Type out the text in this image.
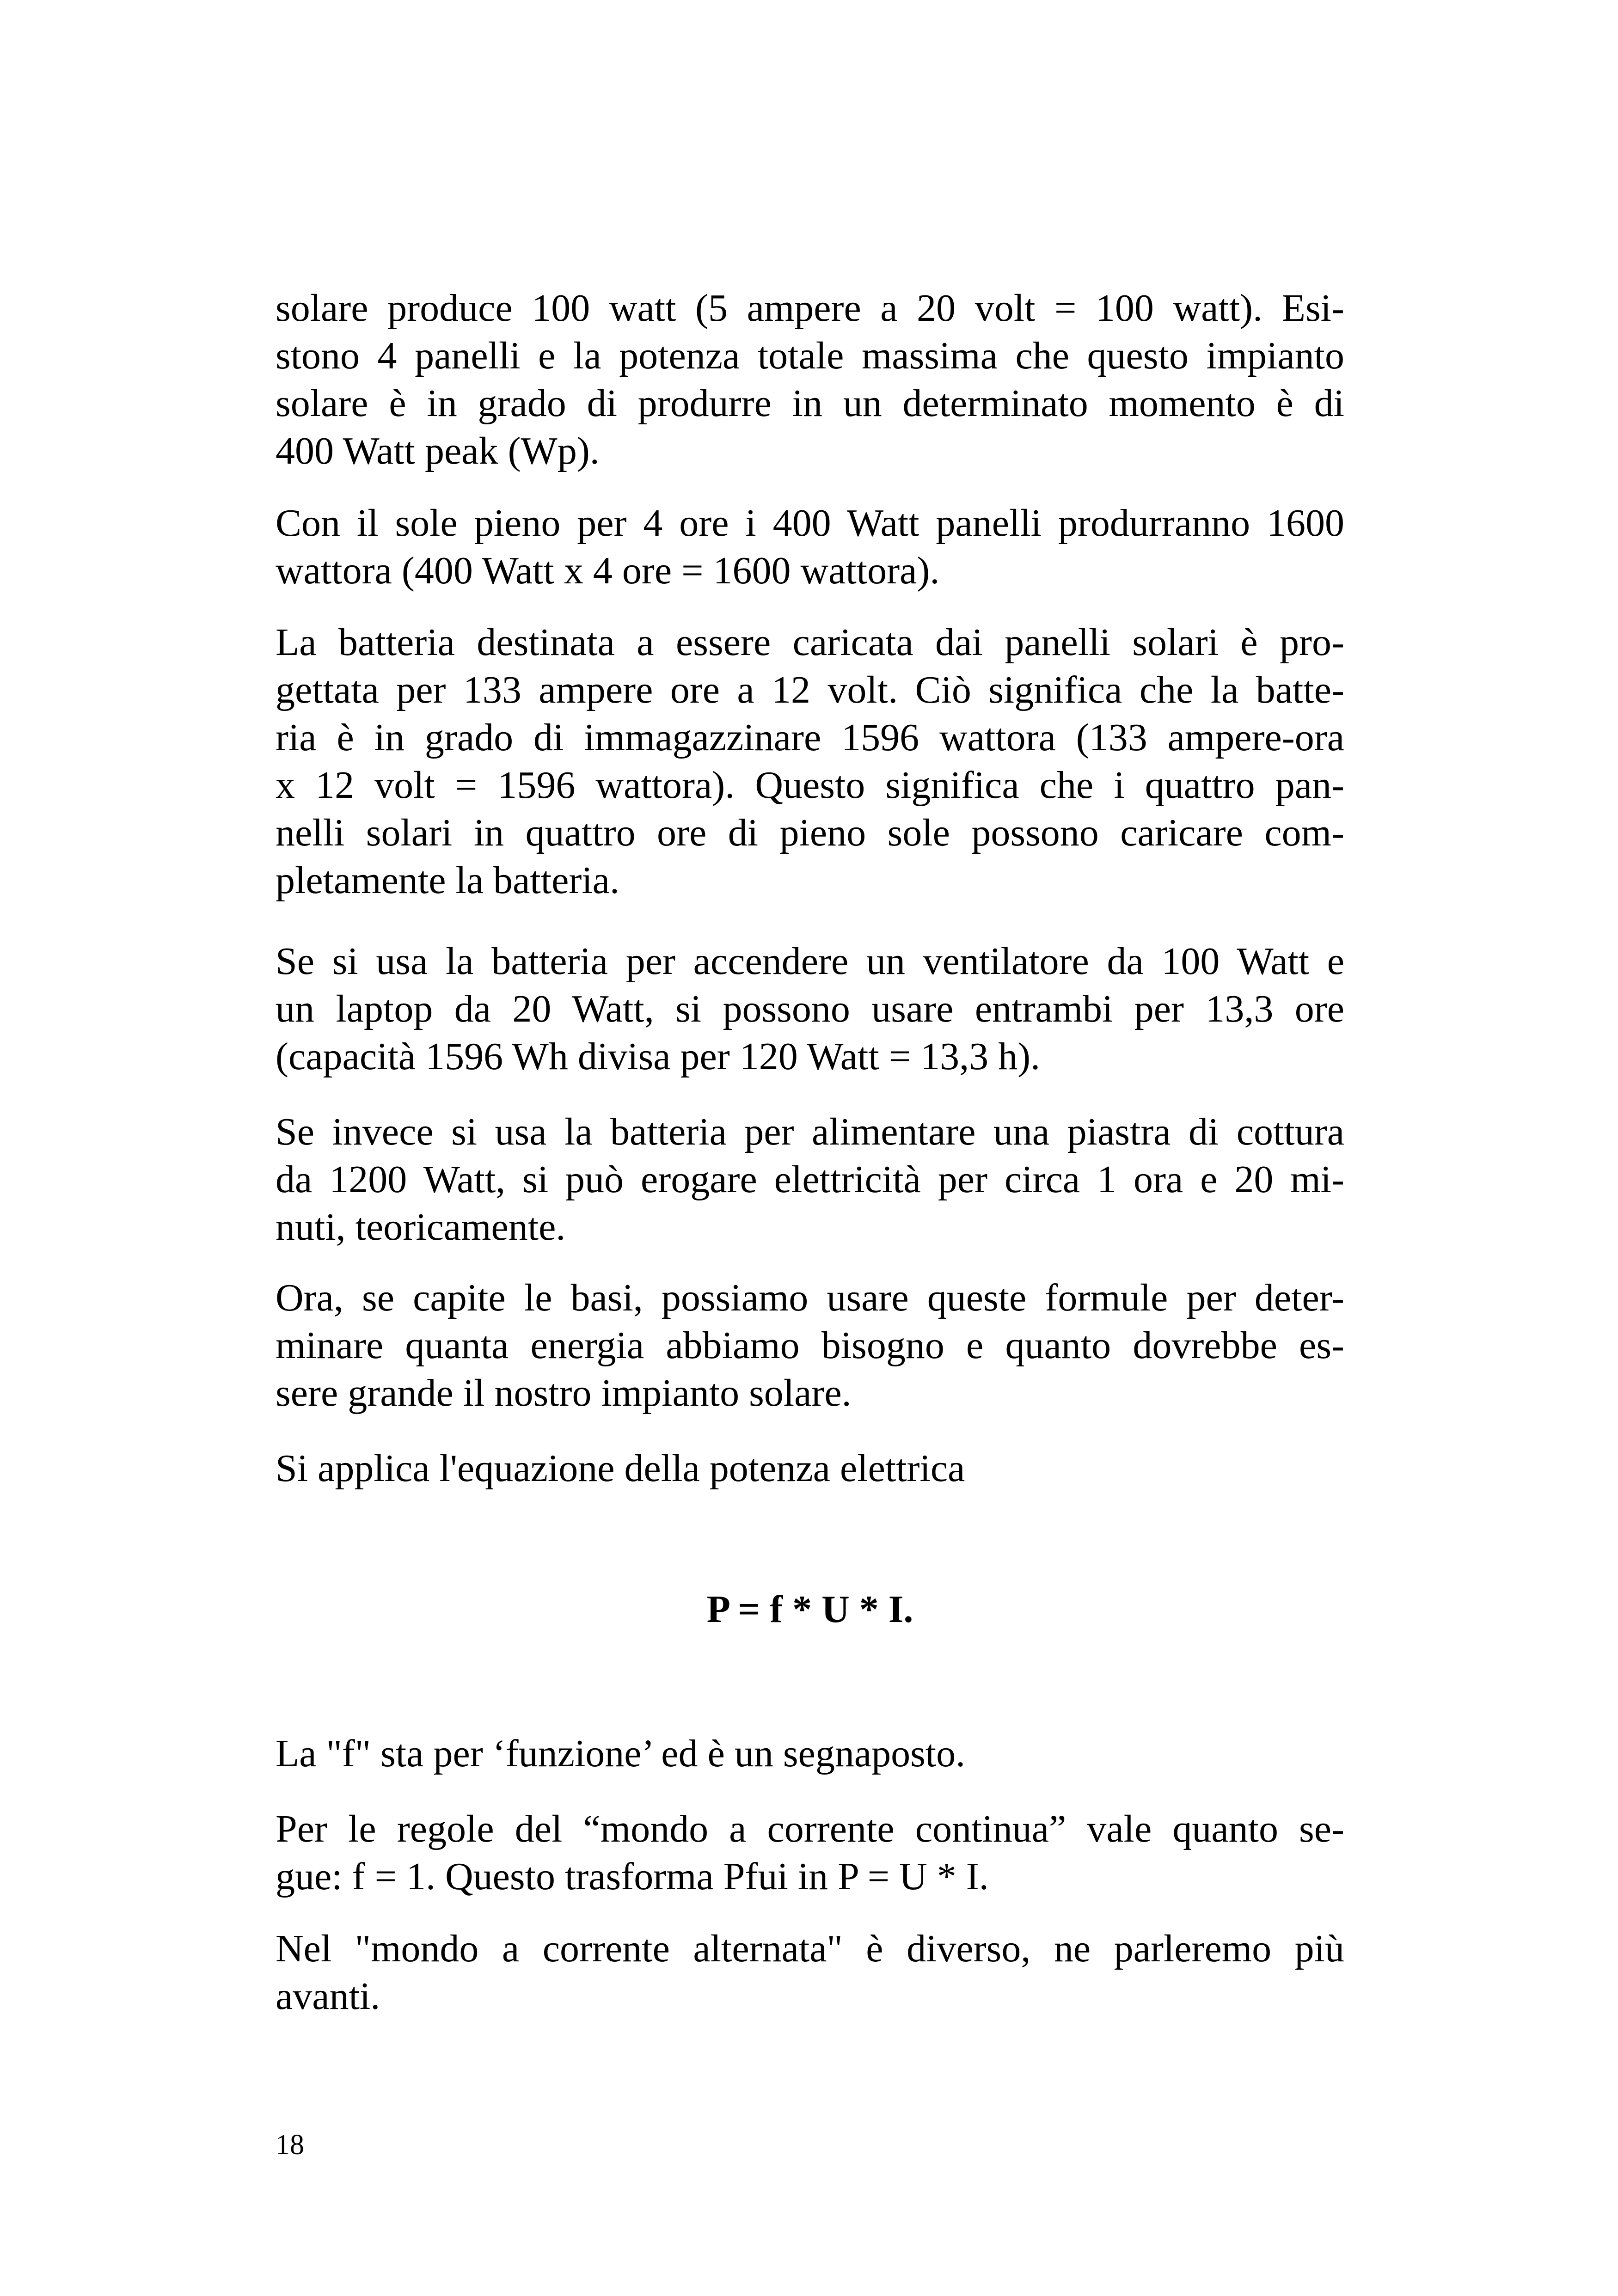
solare produce 100 watt (5 ampere a 20 volt = 100 watt). Esi-
stono 4 panelli e la potenza totale massima che questo impianto
solare è in grado di produrre in un determinato momento è di
400 Watt peak (Wp).
Con il sole pieno per 4 ore i 400 Watt panelli produrranno 1600
wattora (400 Watt x 4 ore = 1600 wattora).
La batteria destinata a essere caricata dai panelli solari è pro-
gettata per 133 ampere ore a 12 volt. Ciò significa che la batte-
ria è in grado di immagazzinare 1596 wattora (133 ampere-ora
x 12 volt = 1596 wattora). Questo significa che i quattro pan-
nelli solari in quattro ore di pieno sole possono caricare com-
pletamente la batteria.
Se si usa la batteria per accendere un ventilatore da 100 Watt e
un laptop da 20 Watt, si possono usare entrambi per 13,3 ore
(capacità 1596 Wh divisa per 120 Watt = 13,3 h).
Se invece si usa la batteria per alimentare una piastra di cottura
da 1200 Watt, si può erogare elettricità per circa 1 ora e 20 mi-
nuti, teoricamente.
Ora, se capite le basi, possiamo usare queste formule per deter-
minare quanta energia abbiamo bisogno e quanto dovrebbe es-
sere grande il nostro impianto solare.
Si applica l'equazione della potenza elettrica
P = f * U * I.
La "f" sta per ‘funzione’ ed è un segnaposto.
Per le regole del “mondo a corrente continua” vale quanto se-
gue: f = 1. Questo trasforma Pfui in P = U * I.
Nel "mondo a corrente alternata" è diverso, ne parleremo più
avanti.
18
